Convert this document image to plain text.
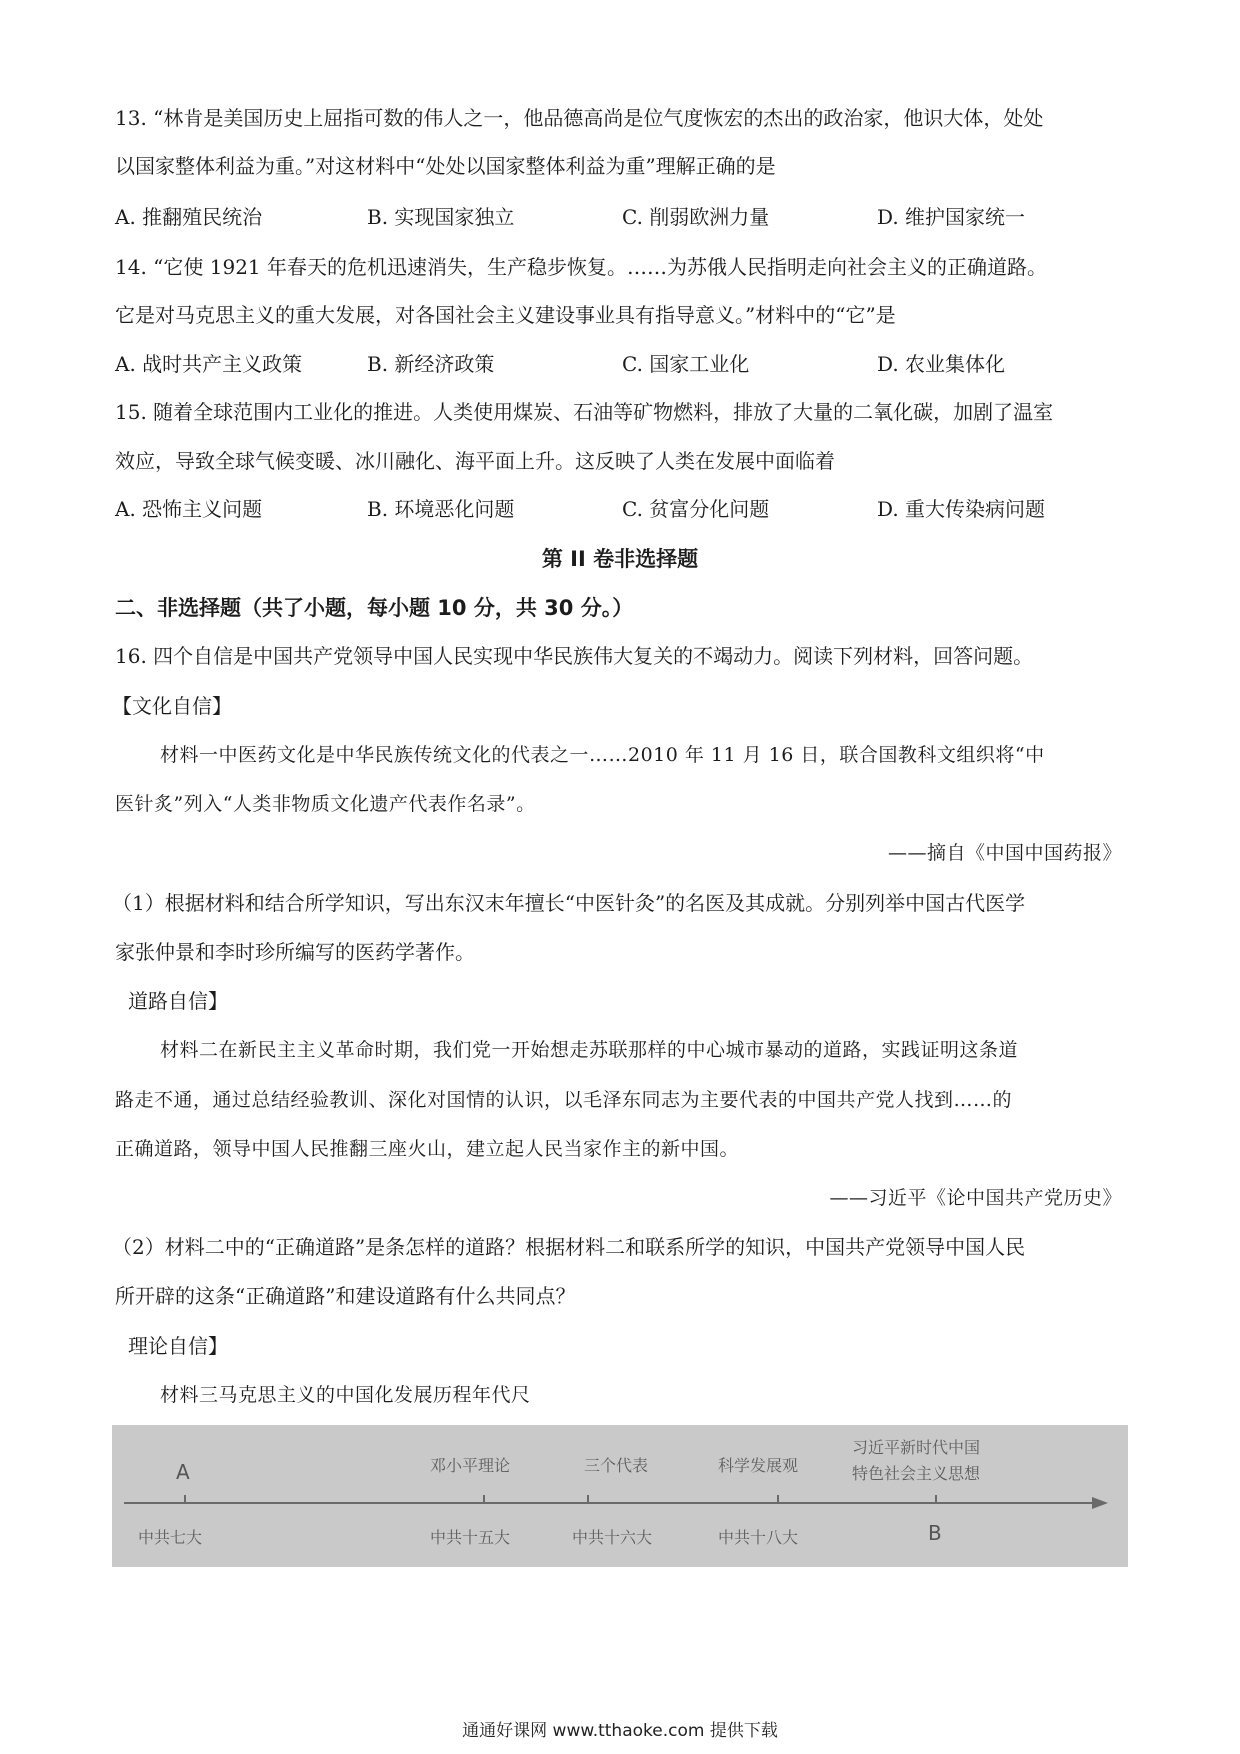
13. “林肯是美国历史上屈指可数的伟人之一，他品德高尚是位气度恢宏的杰出的政治家，他识大体，处处
以国家整体利益为重。”对这材料中“处处以国家整体利益为重”理解正确的是
A. 推翻殖民统治	B. 实现国家独立	C. 削弱欧洲力量	D. 维护国家统一
14. “它使 1921 年春天的危机迅速消失，生产稳步恢复。……为苏俄人民指明走向社会主义的正确道路。
它是对马克思主义的重大发展，对各国社会主义建设事业具有指导意义。”材料中的“它”是
A. 战时共产主义政策	B. 新经济政策	C. 国家工业化	D. 农业集体化
15. 随着全球范围内工业化的推进。人类使用煤炭、石油等矿物燃料，排放了大量的二氧化碳，加剧了温室
效应，导致全球气候变暖、冰川融化、海平面上升。这反映了人类在发展中面临着
A. 恐怖主义问题	B. 环境恶化问题	C. 贫富分化问题	D. 重大传染病问题
第 II 卷非选择题
二、非选择题（共了小题，每小题 10 分，共 30 分。）
16. 四个自信是中国共产党领导中国人民实现中华民族伟大复关的不竭动力。阅读下列材料，回答问题。
【文化自信】
材料一中医药文化是中华民族传统文化的代表之一……2010 年 11 月 16 日，联合国教科文组织将“中
医针炙”列入“人类非物质文化遗产代表作名录”。
——摘自《中国中国药报》
（1）根据材料和结合所学知识，写出东汉末年擅长“中医针灸”的名医及其成就。分别列举中国古代医学
家张仲景和李时珍所编写的医药学著作。
道路自信】
材料二在新民主主义革命时期，我们党一开始想走苏联那样的中心城市暴动的道路，实践证明这条道
路走不通，通过总结经验教训、深化对国情的认识，以毛泽东同志为主要代表的中国共产党人找到……的
正确道路，领导中国人民推翻三座火山，建立起人民当家作主的新中国。
——习近平《论中国共产党历史》
（2）材料二中的“正确道路”是条怎样的道路？根据材料二和联系所学的知识，中国共产党领导中国人民
所开辟的这条“正确道路”和建设道路有什么共同点？
理论自信】
材料三马克思主义的中国化发展历程年代尺
A	邓小平理论	三个代表	科学发展观
习近平新时代中国
特色社会主义思想
中共七大	中共十五大	中共十六大	中共十八大	B
通通好课网 www.tthaoke.com 提供下载
